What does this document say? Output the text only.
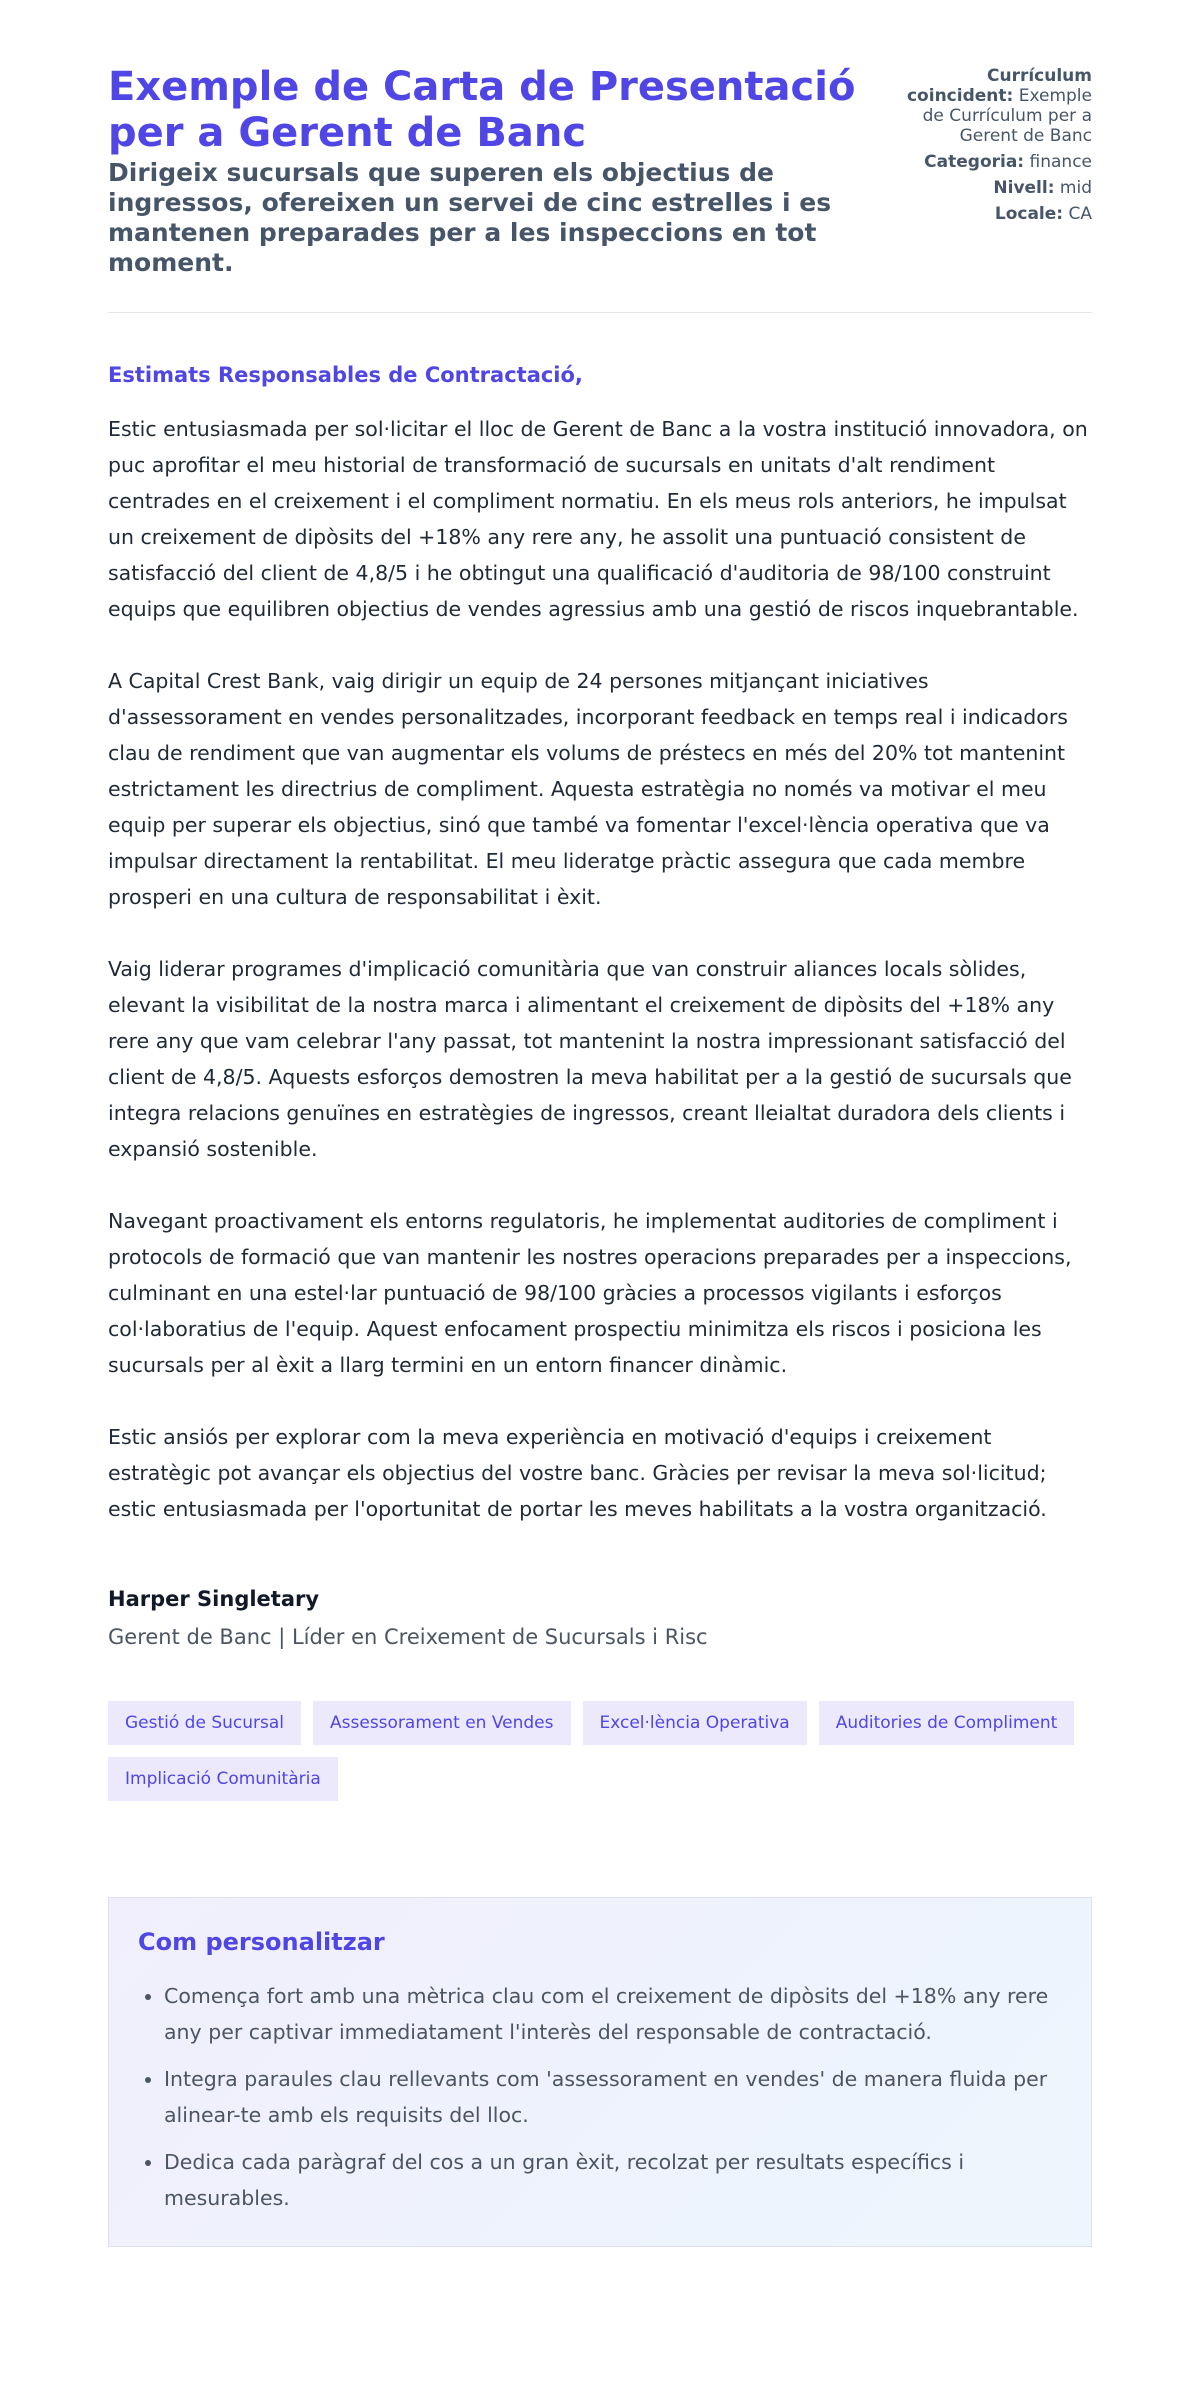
Exemple de Carta de Presentació per a Gerent de Banc
Dirigeix sucursals que superen els objectius de ingressos, ofereixen un servei de cinc estrelles i es mantenen preparades per a les inspeccions en tot moment.
Currículum coincident: Exemple de Currículum per a Gerent de Banc
Categoria: finance
Nivell: mid
Locale: CA
Estimats Responsables de Contractació,

Estic entusiasmada per sol·licitar el lloc de Gerent de Banc a la vostra institució innovadora, on puc aprofitar el meu historial de transformació de sucursals en unitats d'alt rendiment centrades en el creixement i el compliment normatiu. En els meus rols anteriors, he impulsat un creixement de dipòsits del +18% any rere any, he assolit una puntuació consistent de satisfacció del client de 4,8/5 i he obtingut una qualificació d'auditoria de 98/100 construint equips que equilibren objectius de vendes agressius amb una gestió de riscos inquebrantable.

A Capital Crest Bank, vaig dirigir un equip de 24 persones mitjançant iniciatives d'assessorament en vendes personalitzades, incorporant feedback en temps real i indicadors clau de rendiment que van augmentar els volums de préstecs en més del 20% tot mantenint estrictament les directrius de compliment. Aquesta estratègia no només va motivar el meu equip per superar els objectius, sinó que també va fomentar l'excel·lència operativa que va impulsar directament la rentabilitat. El meu lideratge pràctic assegura que cada membre prosperi en una cultura de responsabilitat i èxit.

Vaig liderar programes d'implicació comunitària que van construir aliances locals sòlides, elevant la visibilitat de la nostra marca i alimentant el creixement de dipòsits del +18% any rere any que vam celebrar l'any passat, tot mantenint la nostra impressionant satisfacció del client de 4,8/5. Aquests esforços demostren la meva habilitat per a la gestió de sucursals que integra relacions genuïnes en estratègies de ingressos, creant lleialtat duradora dels clients i expansió sostenible.

Navegant proactivament els entorns regulatoris, he implementat auditories de compliment i protocols de formació que van mantenir les nostres operacions preparades per a inspeccions, culminant en una estel·lar puntuació de 98/100 gràcies a processos vigilants i esforços col·laboratius de l'equip. Aquest enfocament prospectiu minimitza els riscos i posiciona les sucursals per al èxit a llarg termini en un entorn financer dinàmic.

Estic ansiós per explorar com la meva experiència en motivació d'equips i creixement estratègic pot avançar els objectius del vostre banc. Gràcies per revisar la meva sol·licitud; estic entusiasmada per l'oportunitat de portar les meves habilitats a la vostra organització.

Harper Singletary
Gerent de Banc | Líder en Creixement de Sucursals i Risc
Gestió de Sucursal	Assessorament en Vendes	Excel·lència Operativa	Auditories de Compliment
Implicació Comunitària
Com personalitzar
• Comença fort amb una mètrica clau com el creixement de dipòsits del +18% any rere any per captivar immediatament l'interès del responsable de contractació.
• Integra paraules clau rellevants com 'assessorament en vendes' de manera fluida per alinear-te amb els requisits del lloc.
• Dedica cada paràgraf del cos a un gran èxit, recolzat per resultats específics i mesurables.
